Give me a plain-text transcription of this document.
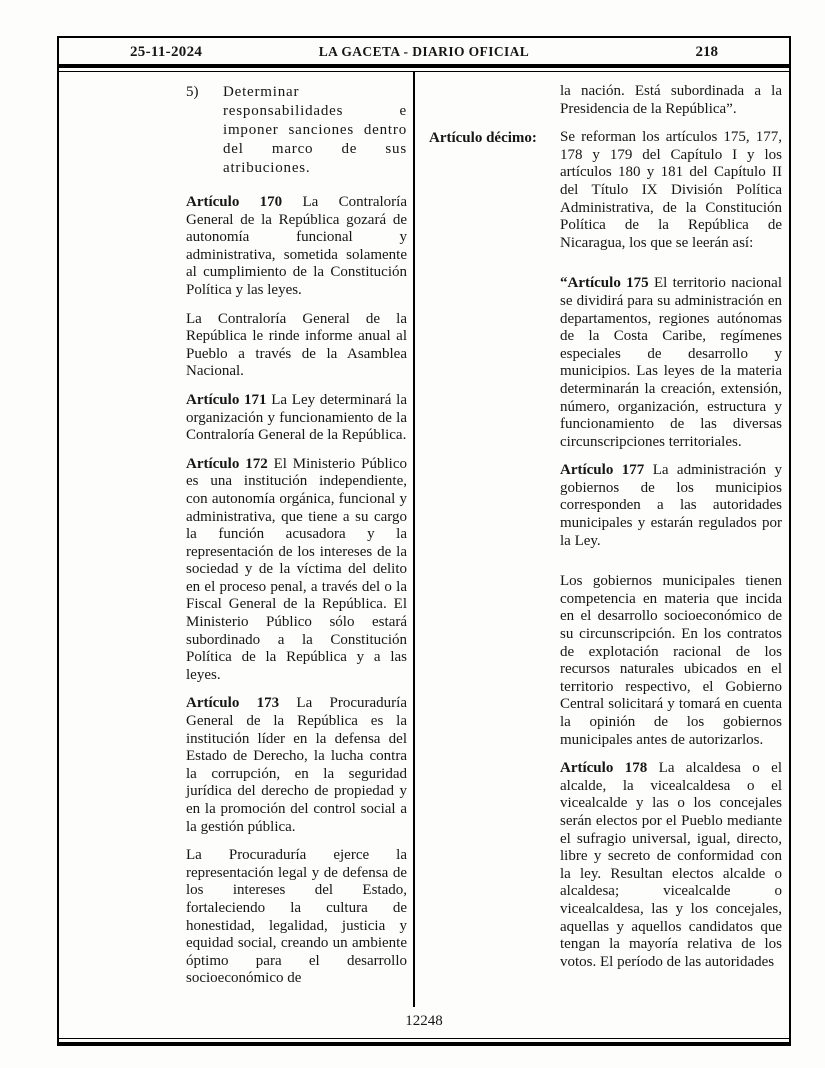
25-11-2024	LA GACETA - DIARIO OFICIAL	218
5)	Determinar responsabilidades e imponer sanciones dentro del marco de sus atribuciones.

Artículo 170 La Contraloría General de la República gozará de autonomía funcional y administrativa, sometida solamente al cumplimiento de la Constitución Política y las leyes.

La Contraloría General de la República le rinde informe anual al Pueblo a través de la Asamblea Nacional.

Artículo 171 La Ley determinará la organización y funcionamiento de la Contraloría General de la República.

Artículo 172 El Ministerio Público es una institución independiente, con autonomía orgánica, funcional y administrativa, que tiene a su cargo la función acusadora y la representación de los intereses de la sociedad y de la víctima del delito en el proceso penal, a través del o la Fiscal General de la República. El Ministerio Público sólo estará subordinado a la Constitución Política de la República y a las leyes.

Artículo 173 La Procuraduría General de la República es la institución líder en la defensa del Estado de Derecho, la lucha contra la corrupción, en la seguridad jurídica del derecho de propiedad y en la promoción del control social a la gestión pública.

La Procuraduría ejerce la representación legal y de defensa de los intereses del Estado, fortaleciendo la cultura de honestidad, legalidad, justicia y equidad social, creando un ambiente óptimo para el desarrollo socioeconómico de

la nación. Está subordinada a la Presidencia de la República”.

Artículo décimo:	Se reforman los artículos 175, 177, 178 y 179 del Capítulo I y los artículos 180 y 181 del Capítulo II del Título IX División Política Administrativa, de la Constitución Política de la República de Nicaragua, los que se leerán así:

“Artículo 175 El territorio nacional se dividirá para su administración en departamentos, regiones autónomas de la Costa Caribe, regímenes especiales de desarrollo y municipios. Las leyes de la materia determinarán la creación, extensión, número, organización, estructura y funcionamiento de las diversas circunscripciones territoriales.

Artículo 177 La administración y gobiernos de los municipios corresponden a las autoridades municipales y estarán regulados por la Ley.

Los gobiernos municipales tienen competencia en materia que incida en el desarrollo socioeconómico de su circunscripción. En los contratos de explotación racional de los recursos naturales ubicados en el territorio respectivo, el Gobierno Central solicitará y tomará en cuenta la opinión de los gobiernos municipales antes de autorizarlos.

Artículo 178 La alcaldesa o el alcalde, la vicealcaldesa o el vicealcalde y las o los concejales serán electos por el Pueblo mediante el sufragio universal, igual, directo, libre y secreto de conformidad con la ley. Resultan electos alcalde o alcaldesa; vicealcalde o vicealcaldesa, las y los concejales, aquellas y aquellos candidatos que tengan la mayoría relativa de los votos. El período de las autoridades

12248
